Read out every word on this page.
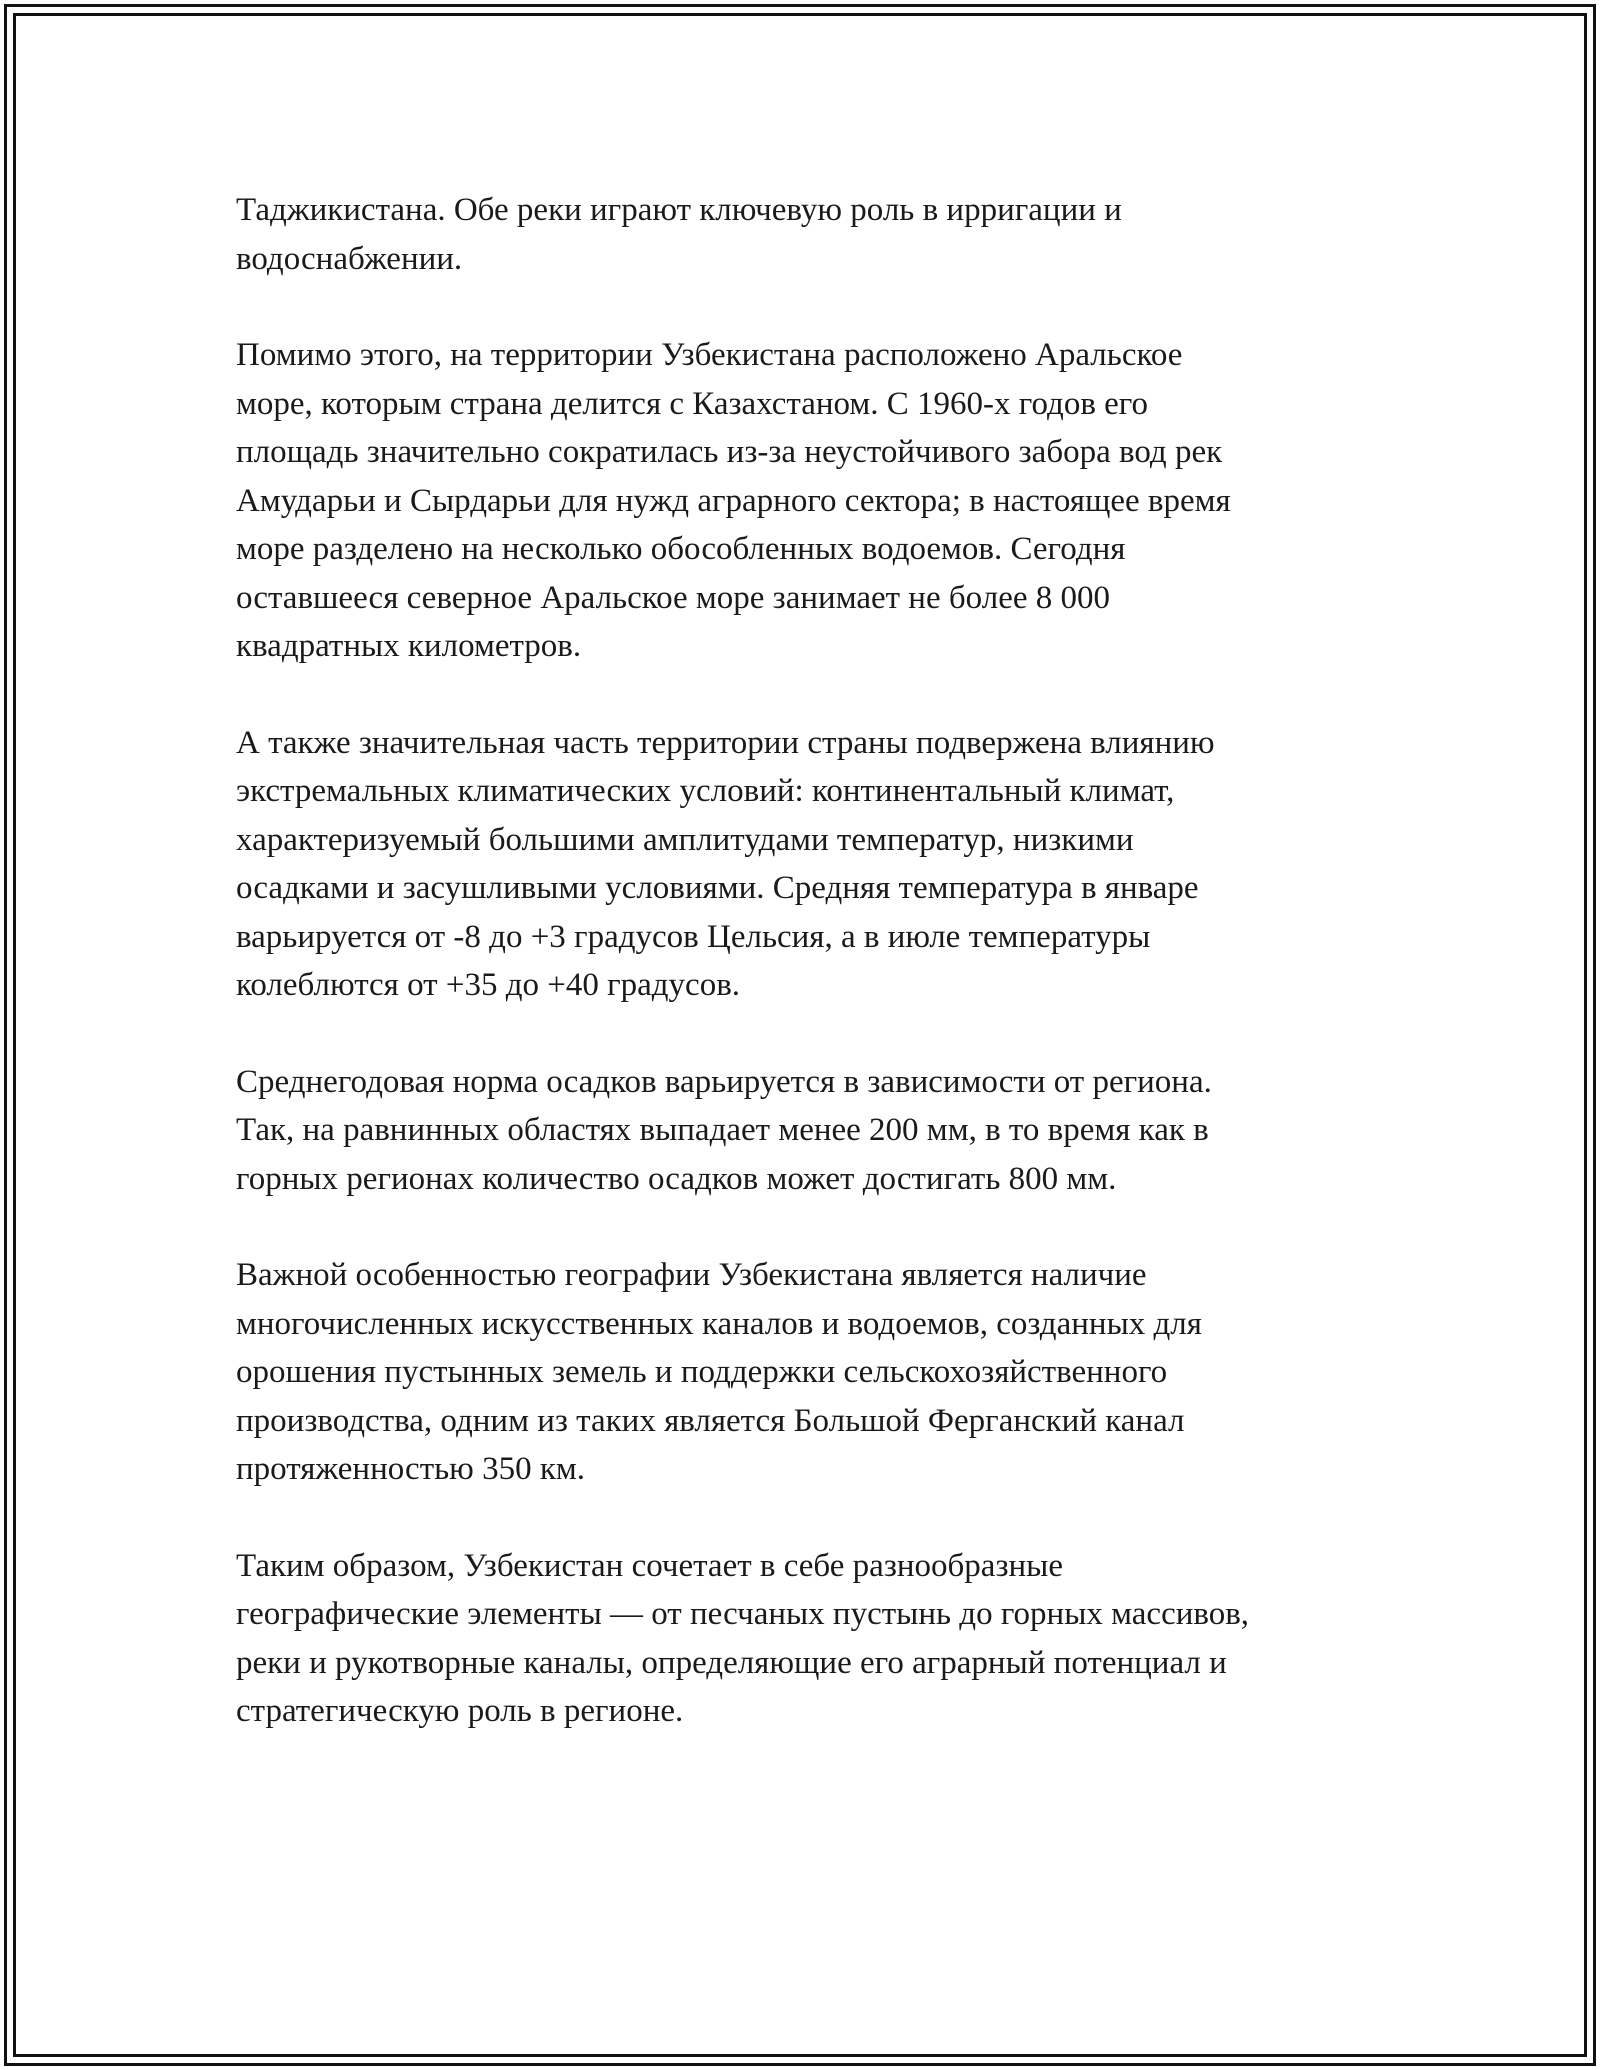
Таджикистана. Обе реки играют ключевую роль в ирригации и
водоснабжении.

Помимо этого, на территории Узбекистана расположено Аральское
море, которым страна делится с Казахстаном. С 1960-х годов его
площадь значительно сократилась из-за неустойчивого забора вод рек
Амударьи и Сырдарьи для нужд аграрного сектора; в настоящее время
море разделено на несколько обособленных водоемов. Сегодня
оставшееся северное Аральское море занимает не более 8 000
квадратных километров.

А также значительная часть территории страны подвержена влиянию
экстремальных климатических условий: континентальный климат,
характеризуемый большими амплитудами температур, низкими
осадками и засушливыми условиями. Средняя температура в январе
варьируется от -8 до +3 градусов Цельсия, а в июле температуры
колеблются от +35 до +40 градусов.

Среднегодовая норма осадков варьируется в зависимости от региона.
Так, на равнинных областях выпадает менее 200 мм, в то время как в
горных регионах количество осадков может достигать 800 мм.

Важной особенностью географии Узбекистана является наличие
многочисленных искусственных каналов и водоемов, созданных для
орошения пустынных земель и поддержки сельскохозяйственного
производства, одним из таких является Большой Ферганский канал
протяженностью 350 км.

Таким образом, Узбекистан сочетает в себе разнообразные
географические элементы — от песчаных пустынь до горных массивов,
реки и рукотворные каналы, определяющие его аграрный потенциал и
стратегическую роль в регионе.
